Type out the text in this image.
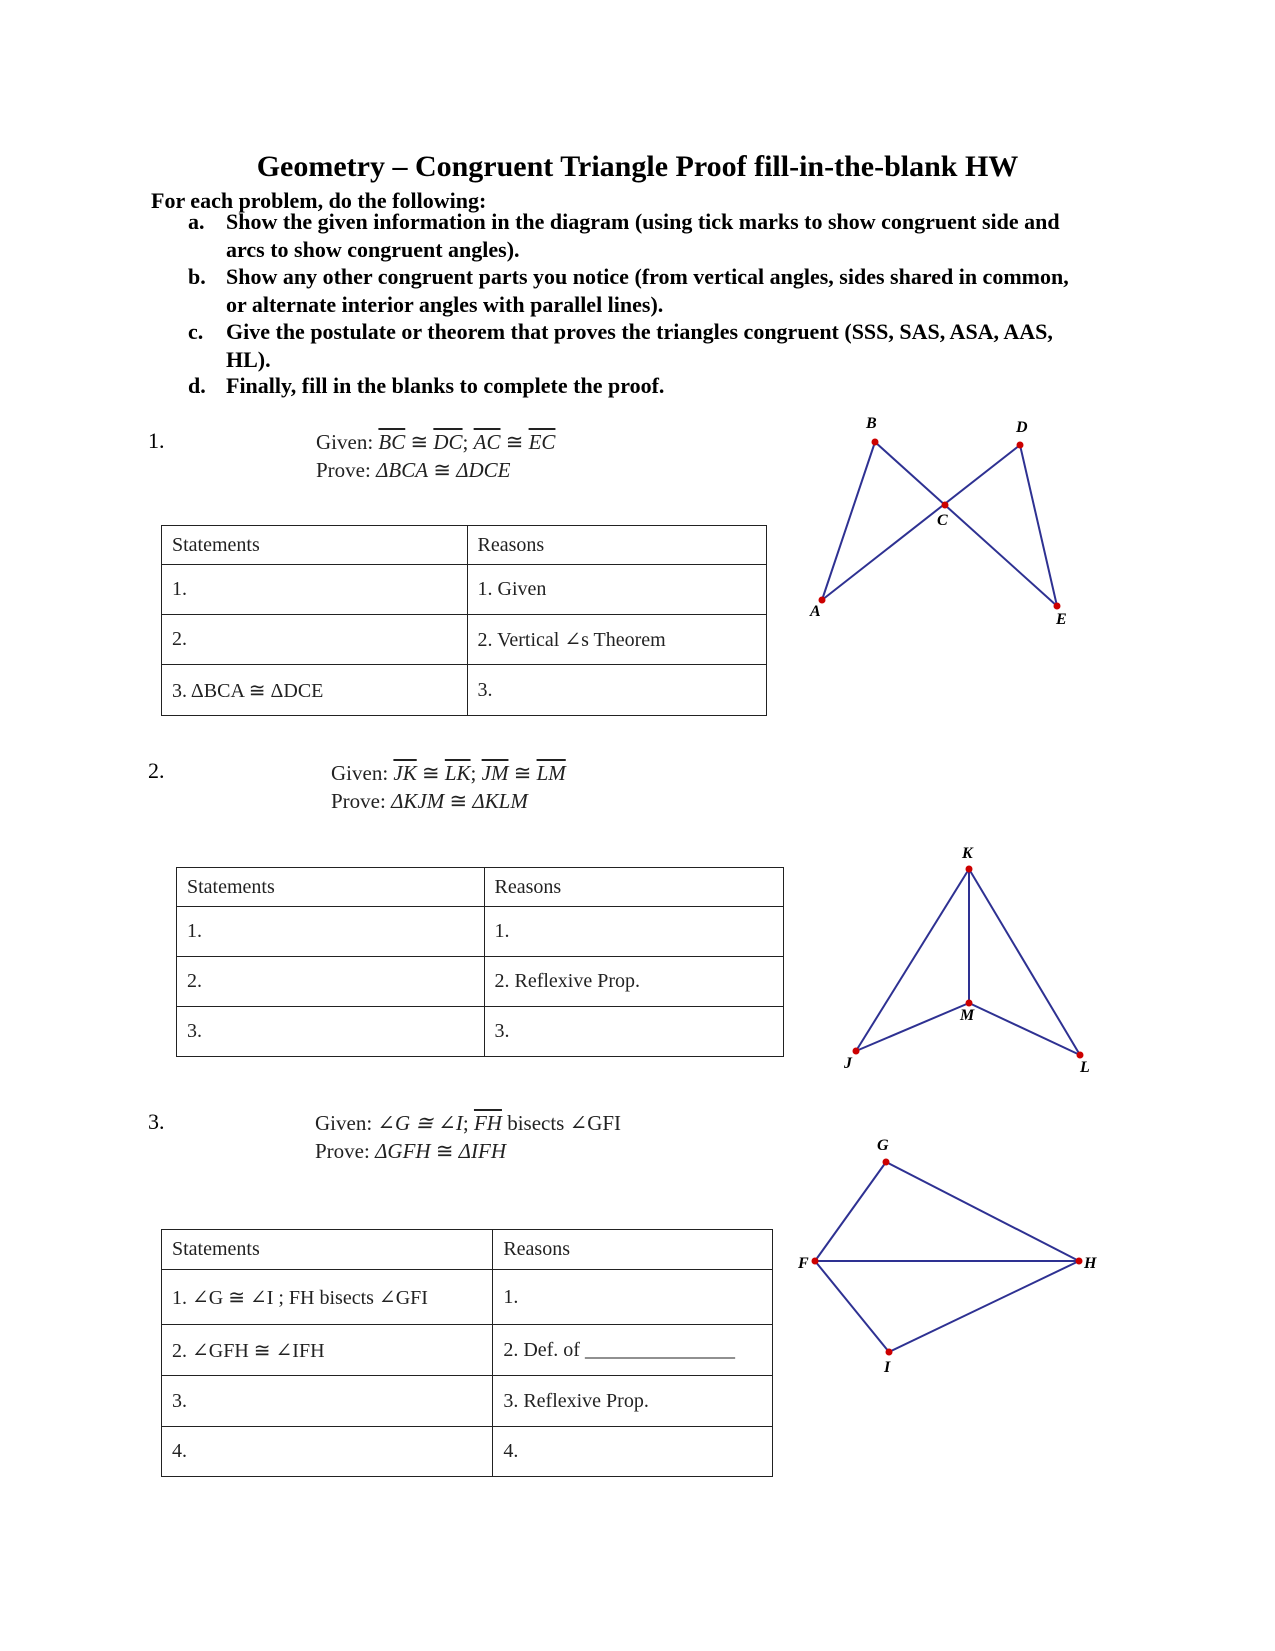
Geometry – Congruent Triangle Proof fill-in-the-blank HW
For each problem, do the following:
a. Show the given information in the diagram (using tick marks to show congruent side and arcs to show congruent angles).
b. Show any other congruent parts you notice (from vertical angles, sides shared in common, or alternate interior angles with parallel lines).
c. Give the postulate or theorem that proves the triangles congruent (SSS, SAS, ASA, AAS, HL).
d. Finally, fill in the blanks to complete the proof.
1.	Given: $\overline{BC}$ ≅ $\overline{DC}$; $\overline{AC}$ ≅ $\overline{EC}$
Prove: ΔBCA ≅ ΔDCE
Statements	Reasons
1.	1. Given
2.	2. Vertical ∠s Theorem
3. ΔBCA ≅ ΔDCE	3.
A
B
C
D
E
2.	Given: $\overline{JK}$ ≅ $\overline{LK}$; $\overline{JM}$ ≅ $\overline{LM}$
Prove: ΔKJM ≅ ΔKLM
Statements	Reasons
1.	1.
2.	2. Reflexive Prop.
3.	3.
K
M
J	L
3.	Given: ∠G ≅ ∠I; $\overline{FH}$ bisects ∠GFI
Prove: ΔGFH ≅ ΔIFH
Statements	Reasons
1. ∠G ≅ ∠I ; FH bisects ∠GFI	1.
2. ∠GFH ≅ ∠IFH	2. Def. of _______________
3.	3. Reflexive Prop.
4.	4.
G
F	H
I
